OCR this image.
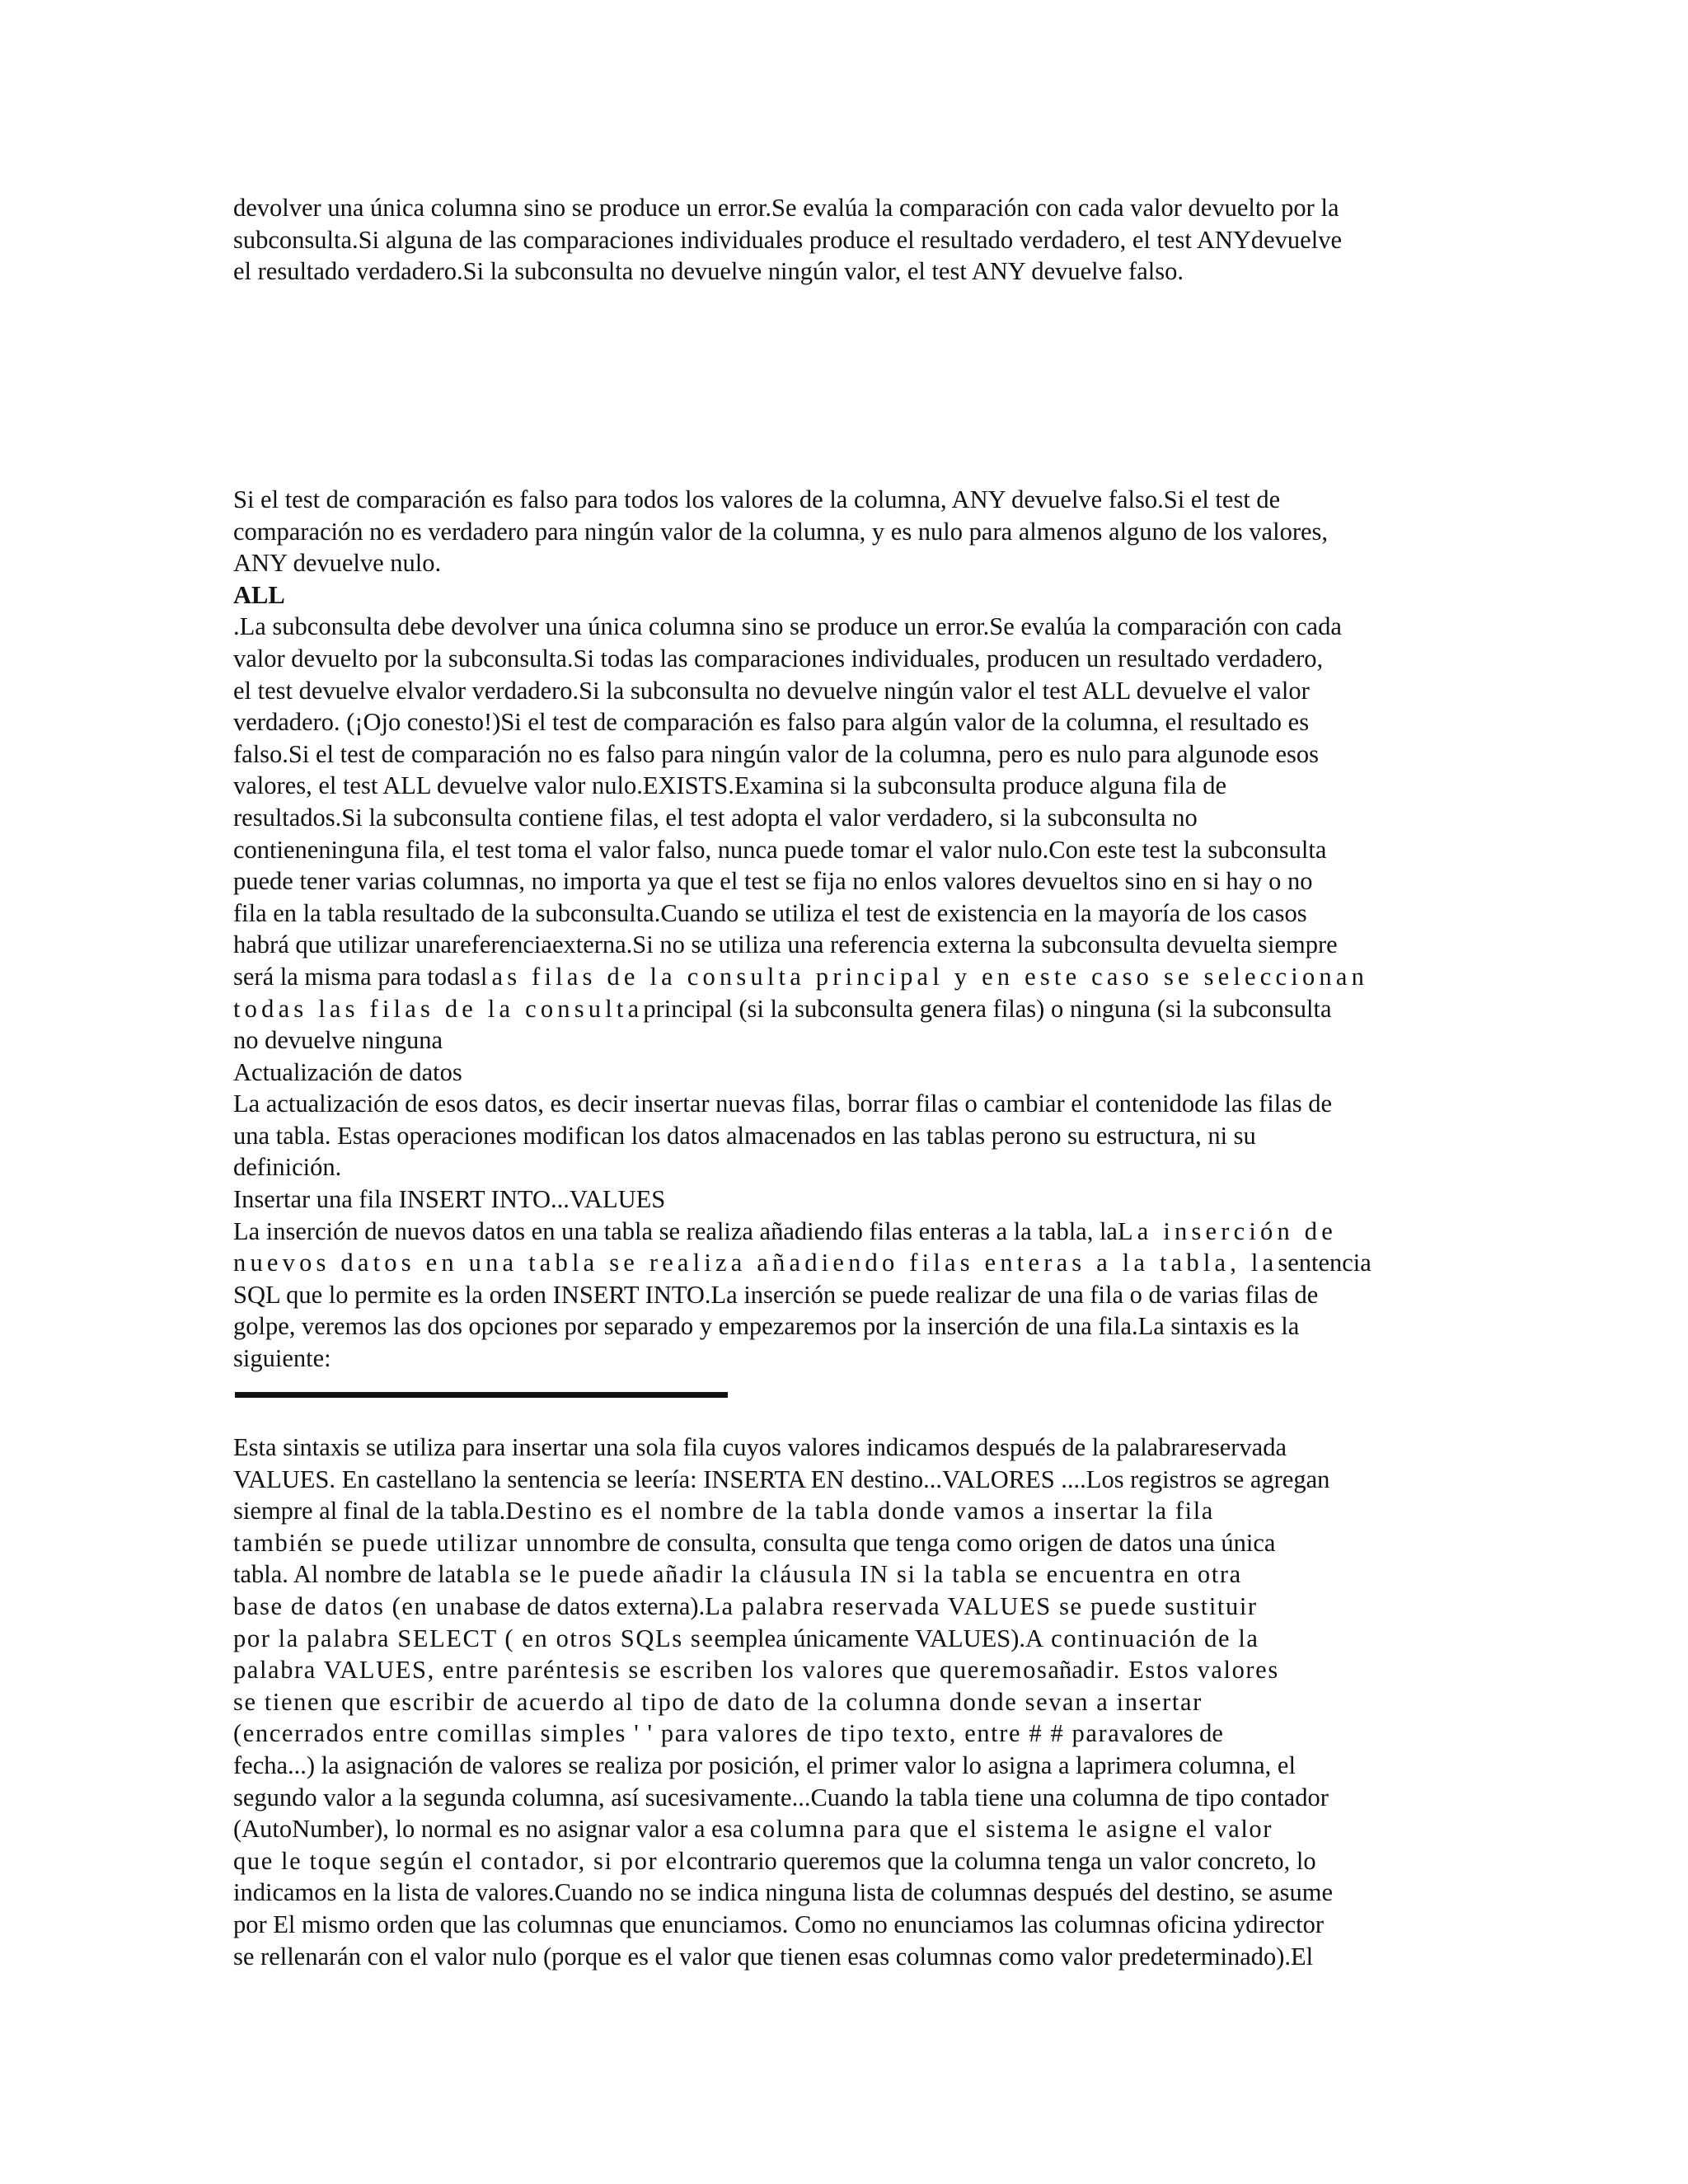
devolver una única columna sino se produce un error.Se evalúa la comparación con cada valor devuelto por la
subconsulta.Si alguna de las comparaciones individuales produce el resultado verdadero, el test ANYdevuelve
el resultado verdadero.Si la subconsulta no devuelve ningún valor, el test ANY devuelve falso.
Si el test de comparación es falso para todos los valores de la columna, ANY devuelve falso.Si el test de
comparación no es verdadero para ningún valor de la columna, y es nulo para almenos alguno de los valores,
ANY devuelve nulo.
ALL
.La subconsulta debe devolver una única columna sino se produce un error.Se evalúa la comparación con cada
valor devuelto por la subconsulta.Si todas las comparaciones individuales, producen un resultado verdadero,
el test devuelve elvalor verdadero.Si la subconsulta no devuelve ningún valor el test ALL devuelve el valor
verdadero. (¡Ojo conesto!)Si el test de comparación es falso para algún valor de la columna, el resultado es
falso.Si el test de comparación no es falso para ningún valor de la columna, pero es nulo para algunode esos
valores, el test ALL devuelve valor nulo.EXISTS.Examina si la subconsulta produce alguna fila de
resultados.Si la subconsulta contiene filas, el test adopta el valor verdadero, si la subconsulta no
contieneninguna fila, el test toma el valor falso, nunca puede tomar el valor nulo.Con este test la subconsulta
puede tener varias columnas, no importa ya que el test se fija no enlos valores devueltos sino en si hay o no
fila en la tabla resultado de la subconsulta.Cuando se utiliza el test de existencia en la mayoría de los casos
habrá que utilizar unareferenciaexterna.Si no se utiliza una referencia externa la subconsulta devuelta siempre
será la misma para todaslas filas de la consulta principal y en este caso se seleccionan
todas las filas de la consultaprincipal (si la subconsulta genera filas) o ninguna (si la subconsulta
no devuelve ninguna
Actualización de datos
La actualización de esos datos, es decir insertar nuevas filas, borrar filas o cambiar el contenidode las filas de
una tabla. Estas operaciones modifican los datos almacenados en las tablas perono su estructura, ni su
definición.
Insertar una fila INSERT INTO...VALUES
La inserción de nuevos datos en una tabla se realiza añadiendo filas enteras a la tabla, laLa inserción de
nuevos datos en una tabla se realiza añadiendo filas enteras a la tabla, lasentencia
SQL que lo permite es la orden INSERT INTO.La inserción se puede realizar de una fila o de varias filas de
golpe, veremos las dos opciones por separado y empezaremos por la inserción de una fila.La sintaxis es la
siguiente:
Esta sintaxis se utiliza para insertar una sola fila cuyos valores indicamos después de la palabrareservada
VALUES. En castellano la sentencia se leería: INSERTA EN destino...VALORES ....Los registros se agregan
siempre al final de la tabla.Destino es el nombre de la tabla donde vamos a insertar la fila
también se puede utilizar unnombre de consulta, consulta que tenga como origen de datos una única
tabla. Al nombre de latabla se le puede añadir la cláusula IN si la tabla se encuentra en otra
base de datos (en unabase de datos externa).La palabra reservada VALUES se puede sustituir
por la palabra SELECT ( en otros SQLs seemplea únicamente VALUES).A continuación de la
palabra VALUES, entre paréntesis se escriben los valores que queremosañadir. Estos valores
se tienen que escribir de acuerdo al tipo de dato de la columna donde sevan a insertar
(encerrados entre comillas simples ' ' para valores de tipo texto, entre # # paravalores de
fecha...) la asignación de valores se realiza por posición, el primer valor lo asigna a laprimera columna, el
segundo valor a la segunda columna, así sucesivamente...Cuando la tabla tiene una columna de tipo contador
(AutoNumber), lo normal es no asignar valor a esa columna para que el sistema le asigne el valor
que le toque según el contador, si por elcontrario queremos que la columna tenga un valor concreto, lo
indicamos en la lista de valores.Cuando no se indica ninguna lista de columnas después del destino, se asume
por El mismo orden que las columnas que enunciamos. Como no enunciamos las columnas oficina ydirector
se rellenarán con el valor nulo (porque es el valor que tienen esas columnas como valor predeterminado).El
